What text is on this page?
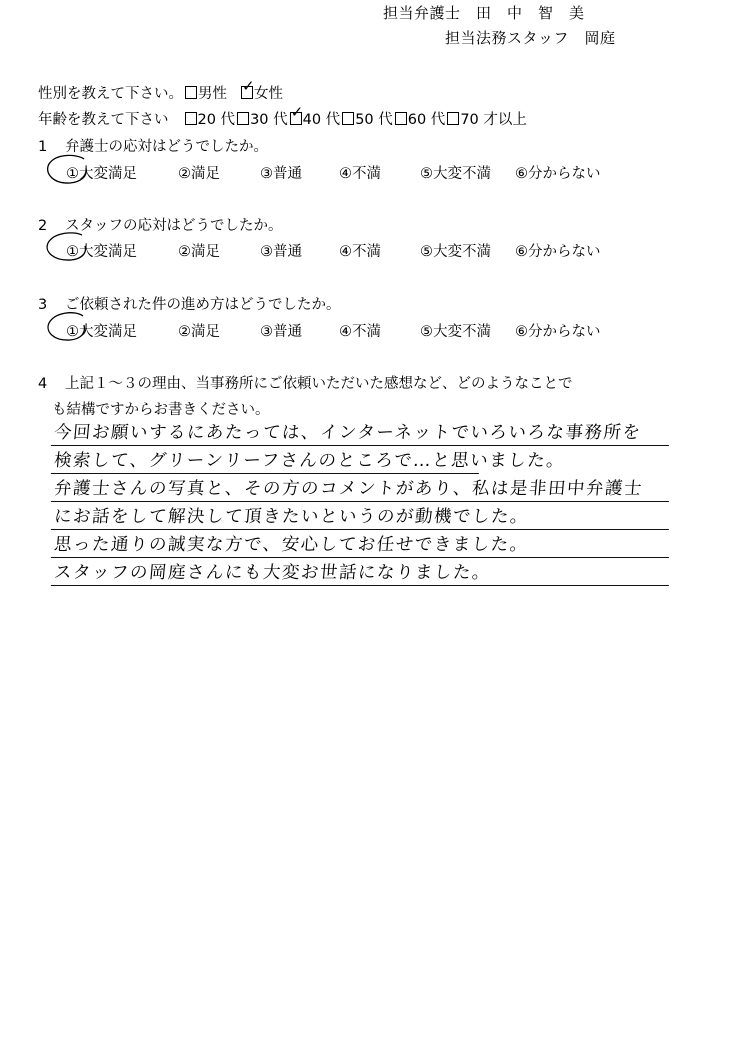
担当弁護士　田　中　智　美
担当法務スタッフ　岡庭
性別を教えて下さい。 男性 ✓ 女性
年齢を教えて下さい 20 代 30 代 ✓ 40 代 50 代 60 代 70 才以上
1 弁護士の応対はどうでしたか。
①大変満足	②満足	③普通	④不満	⑤大変不満 ⑥分からない
2 スタッフの応対はどうでしたか。
①大変満足	②満足	③普通	④不満	⑤大変不満 ⑥分からない
3 ご依頼された件の進め方はどうでしたか。
①大変満足	②満足	③普通	④不満	⑤大変不満 ⑥分からない
4 上記１～３の理由、当事務所にご依頼いただいた感想など、どのようなことで
も結構ですからお書きください。
今回お願いするにあたっては、インターネットでいろいろな事務所を
検索して、グリーンリーフさんのところで…と思いました。
弁護士さんの写真と、その方のコメントがあり、私は是非田中弁護士
にお話をして解決して頂きたいというのが動機でした。
思った通りの誠実な方で、安心してお任せできました。
スタッフの岡庭さんにも大変お世話になりました。
